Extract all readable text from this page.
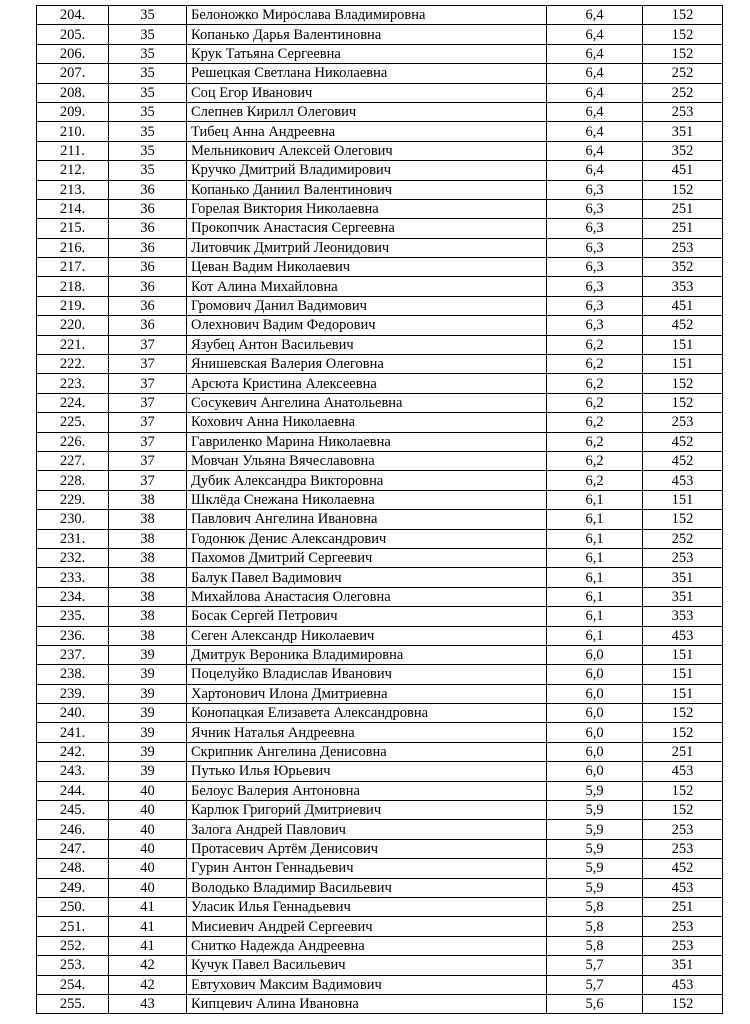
204.	35	Белоножко Мирослава Владимировна	6,4	152
205.	35	Копанько Дарья Валентиновна	6,4	152
206.	35	Крук Татьяна Сергеевна	6,4	152
207.	35	Решецкая Светлана Николаевна	6,4	252
208.	35	Соц Егор Иванович	6,4	252
209.	35	Слепнев Кирилл Олегович	6,4	253
210.	35	Тибец Анна Андреевна	6,4	351
211.	35	Мельникович Алексей Олегович	6,4	352
212.	35	Кручко Дмитрий Владимирович	6,4	451
213.	36	Копанько Даниил Валентинович	6,3	152
214.	36	Горелая Виктория Николаевна	6,3	251
215.	36	Прокопчик Анастасия Сергеевна	6,3	251
216.	36	Литовчик Дмитрий Леонидович	6,3	253
217.	36	Цеван Вадим Николаевич	6,3	352
218.	36	Кот Алина Михайловна	6,3	353
219.	36	Громович Данил Вадимович	6,3	451
220.	36	Олехнович Вадим Федорович	6,3	452
221.	37	Язубец Антон Васильевич	6,2	151
222.	37	Янишевская Валерия Олеговна	6,2	151
223.	37	Арсюта Кристина Алексеевна	6,2	152
224.	37	Сосукевич Ангелина Анатольевна	6,2	152
225.	37	Кохович Анна Николаевна	6,2	253
226.	37	Гавриленко Марина Николаевна	6,2	452
227.	37	Мовчан Ульяна Вячеславовна	6,2	452
228.	37	Дубик Александра Викторовна	6,2	453
229.	38	Шклёда Снежана Николаевна	6,1	151
230.	38	Павлович Ангелина Ивановна	6,1	152
231.	38	Годонюк Денис Александрович	6,1	252
232.	38	Пахомов Дмитрий Сергеевич	6,1	253
233.	38	Балук Павел Вадимович	6,1	351
234.	38	Михайлова Анастасия Олеговна	6,1	351
235.	38	Босак Сергей Петрович	6,1	353
236.	38	Сеген Александр Николаевич	6,1	453
237.	39	Дмитрук Вероника Владимировна	6,0	151
238.	39	Поцелуйко Владислав Иванович	6,0	151
239.	39	Хартонович Илона Дмитриевна	6,0	151
240.	39	Конопацкая Елизавета Александровна	6,0	152
241.	39	Ячник Наталья Андреевна	6,0	152
242.	39	Скрипник Ангелина Денисовна	6,0	251
243.	39	Путько Илья Юрьевич	6,0	453
244.	40	Белоус Валерия Антоновна	5,9	152
245.	40	Карлюк Григорий Дмитриевич	5,9	152
246.	40	Залога Андрей Павлович	5,9	253
247.	40	Протасевич Артём Денисович	5,9	253
248.	40	Гурин Антон Геннадьевич	5,9	452
249.	40	Володько Владимир Васильевич	5,9	453
250.	41	Уласик Илья Геннадьевич	5,8	251
251.	41	Мисиевич Андрей Сергеевич	5,8	253
252.	41	Снитко Надежда Андреевна	5,8	253
253.	42	Кучук Павел Васильевич	5,7	351
254.	42	Евтухович Максим Вадимович	5,7	453
255.	43	Кипцевич Алина Ивановна	5,6	152
